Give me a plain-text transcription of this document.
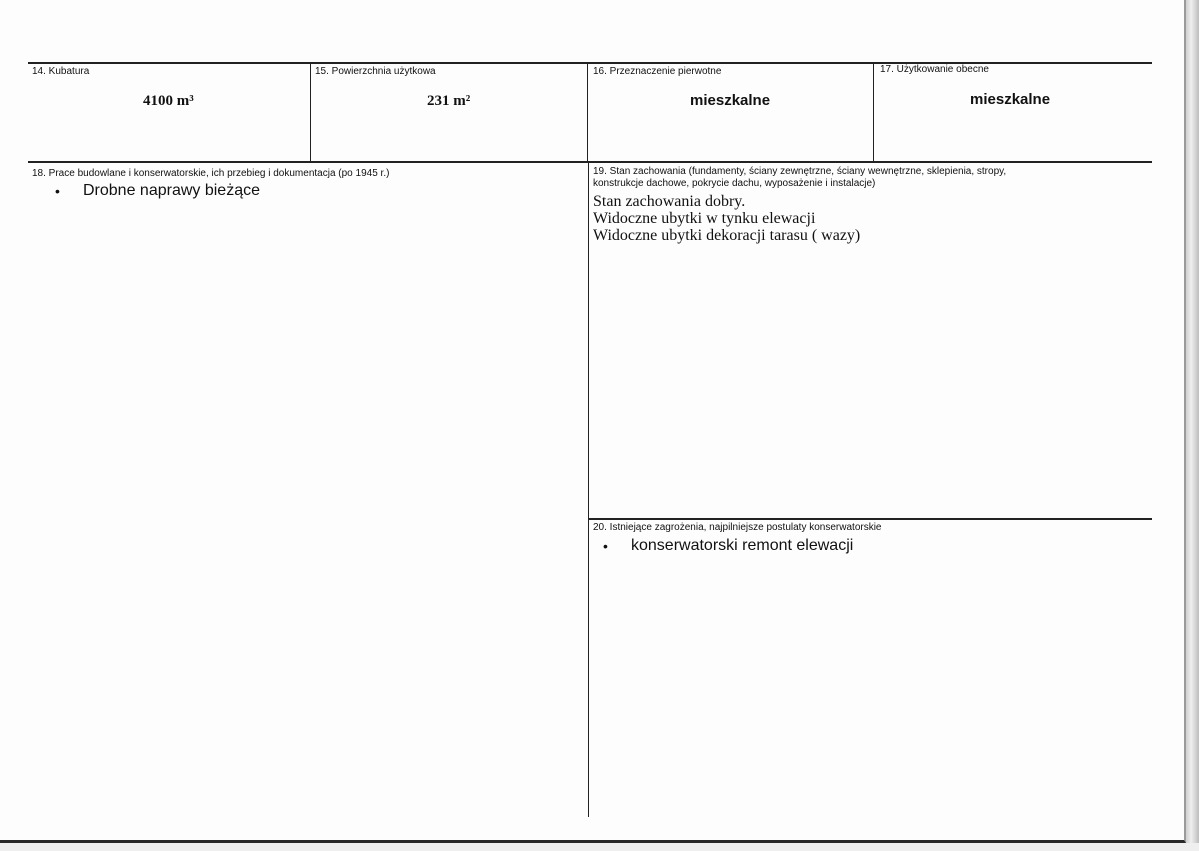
14. Kubatura
4100 m³
15. Powierzchnia użytkowa
231 m²
16. Przeznaczenie pierwotne
mieszkalne
17. Użytkowanie obecne
mieszkalne
18. Prace budowlane i konserwatorskie, ich przebieg i dokumentacja (po 1945 r.)
• Drobne naprawy bieżące
19. Stan zachowania (fundamenty, ściany zewnętrzne, ściany wewnętrzne, sklepienia, stropy,
konstrukcje dachowe, pokrycie dachu, wyposażenie i instalacje)
Stan zachowania dobry.
Widoczne ubytki w tynku elewacji
Widoczne ubytki dekoracji tarasu ( wazy)
20. Istniejące zagrożenia, najpilniejsze postulaty konserwatorskie
• konserwatorski remont elewacji
